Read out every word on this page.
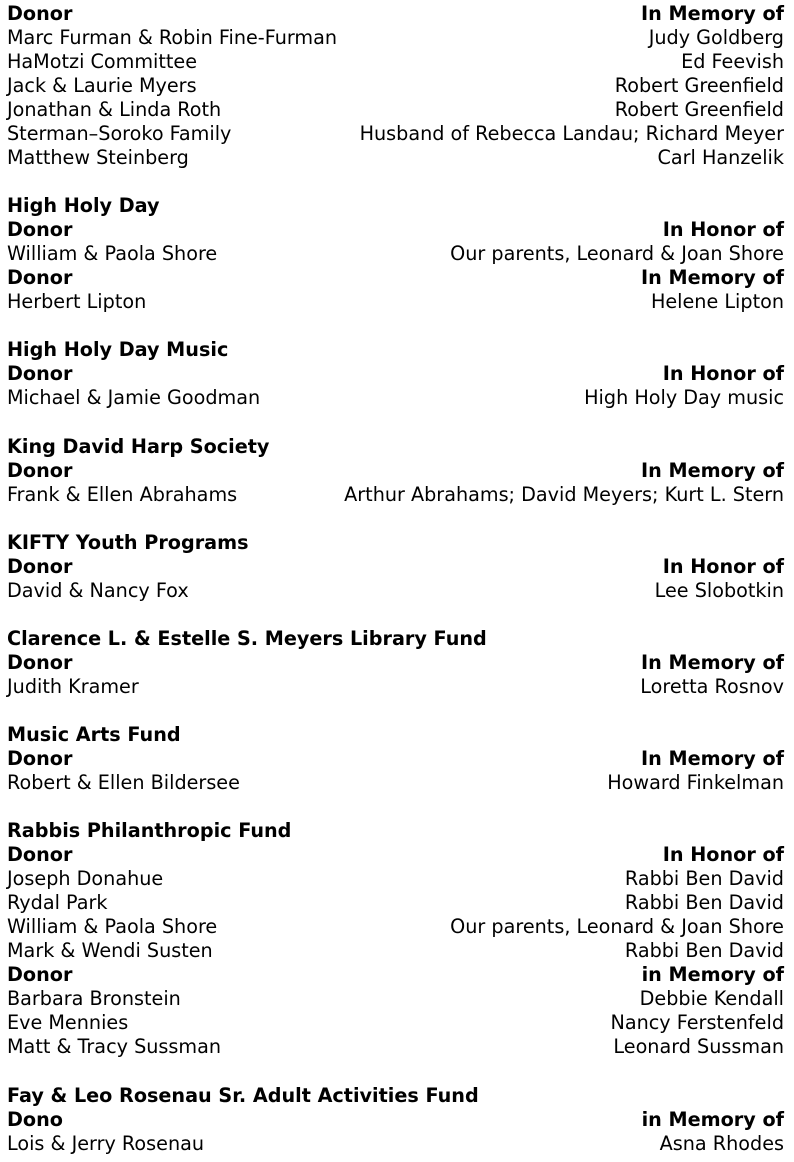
Donor	In Memory of
Marc Furman & Robin Fine-Furman	Judy Goldberg
HaMotzi Committee	Ed Feevish
Jack & Laurie Myers	Robert Greenfield
Jonathan & Linda Roth	Robert Greenfield
Sterman–Soroko Family	Husband of Rebecca Landau; Richard Meyer
Matthew Steinberg	Carl Hanzelik
High Holy Day
Donor	In Honor of
William & Paola Shore	Our parents, Leonard & Joan Shore
Donor	In Memory of
Herbert Lipton	Helene Lipton
High Holy Day Music
Donor	In Honor of
Michael & Jamie Goodman	High Holy Day music
King David Harp Society
Donor	In Memory of
Frank & Ellen Abrahams	Arthur Abrahams; David Meyers; Kurt L. Stern
KIFTY Youth Programs
Donor	In Honor of
David & Nancy Fox	Lee Slobotkin
Clarence L. & Estelle S. Meyers Library Fund
Donor	In Memory of
Judith Kramer	Loretta Rosnov
Music Arts Fund
Donor	In Memory of
Robert & Ellen Bildersee	Howard Finkelman
Rabbis Philanthropic Fund
Donor	In Honor of
Joseph Donahue	Rabbi Ben David
Rydal Park	Rabbi Ben David
William & Paola Shore	Our parents, Leonard & Joan Shore
Mark & Wendi Susten	Rabbi Ben David
Donor	in Memory of
Barbara Bronstein	Debbie Kendall
Eve Mennies	Nancy Ferstenfeld
Matt & Tracy Sussman	Leonard Sussman
Fay & Leo Rosenau Sr. Adult Activities Fund
Dono	in Memory of
Lois & Jerry Rosenau	Asna Rhodes
